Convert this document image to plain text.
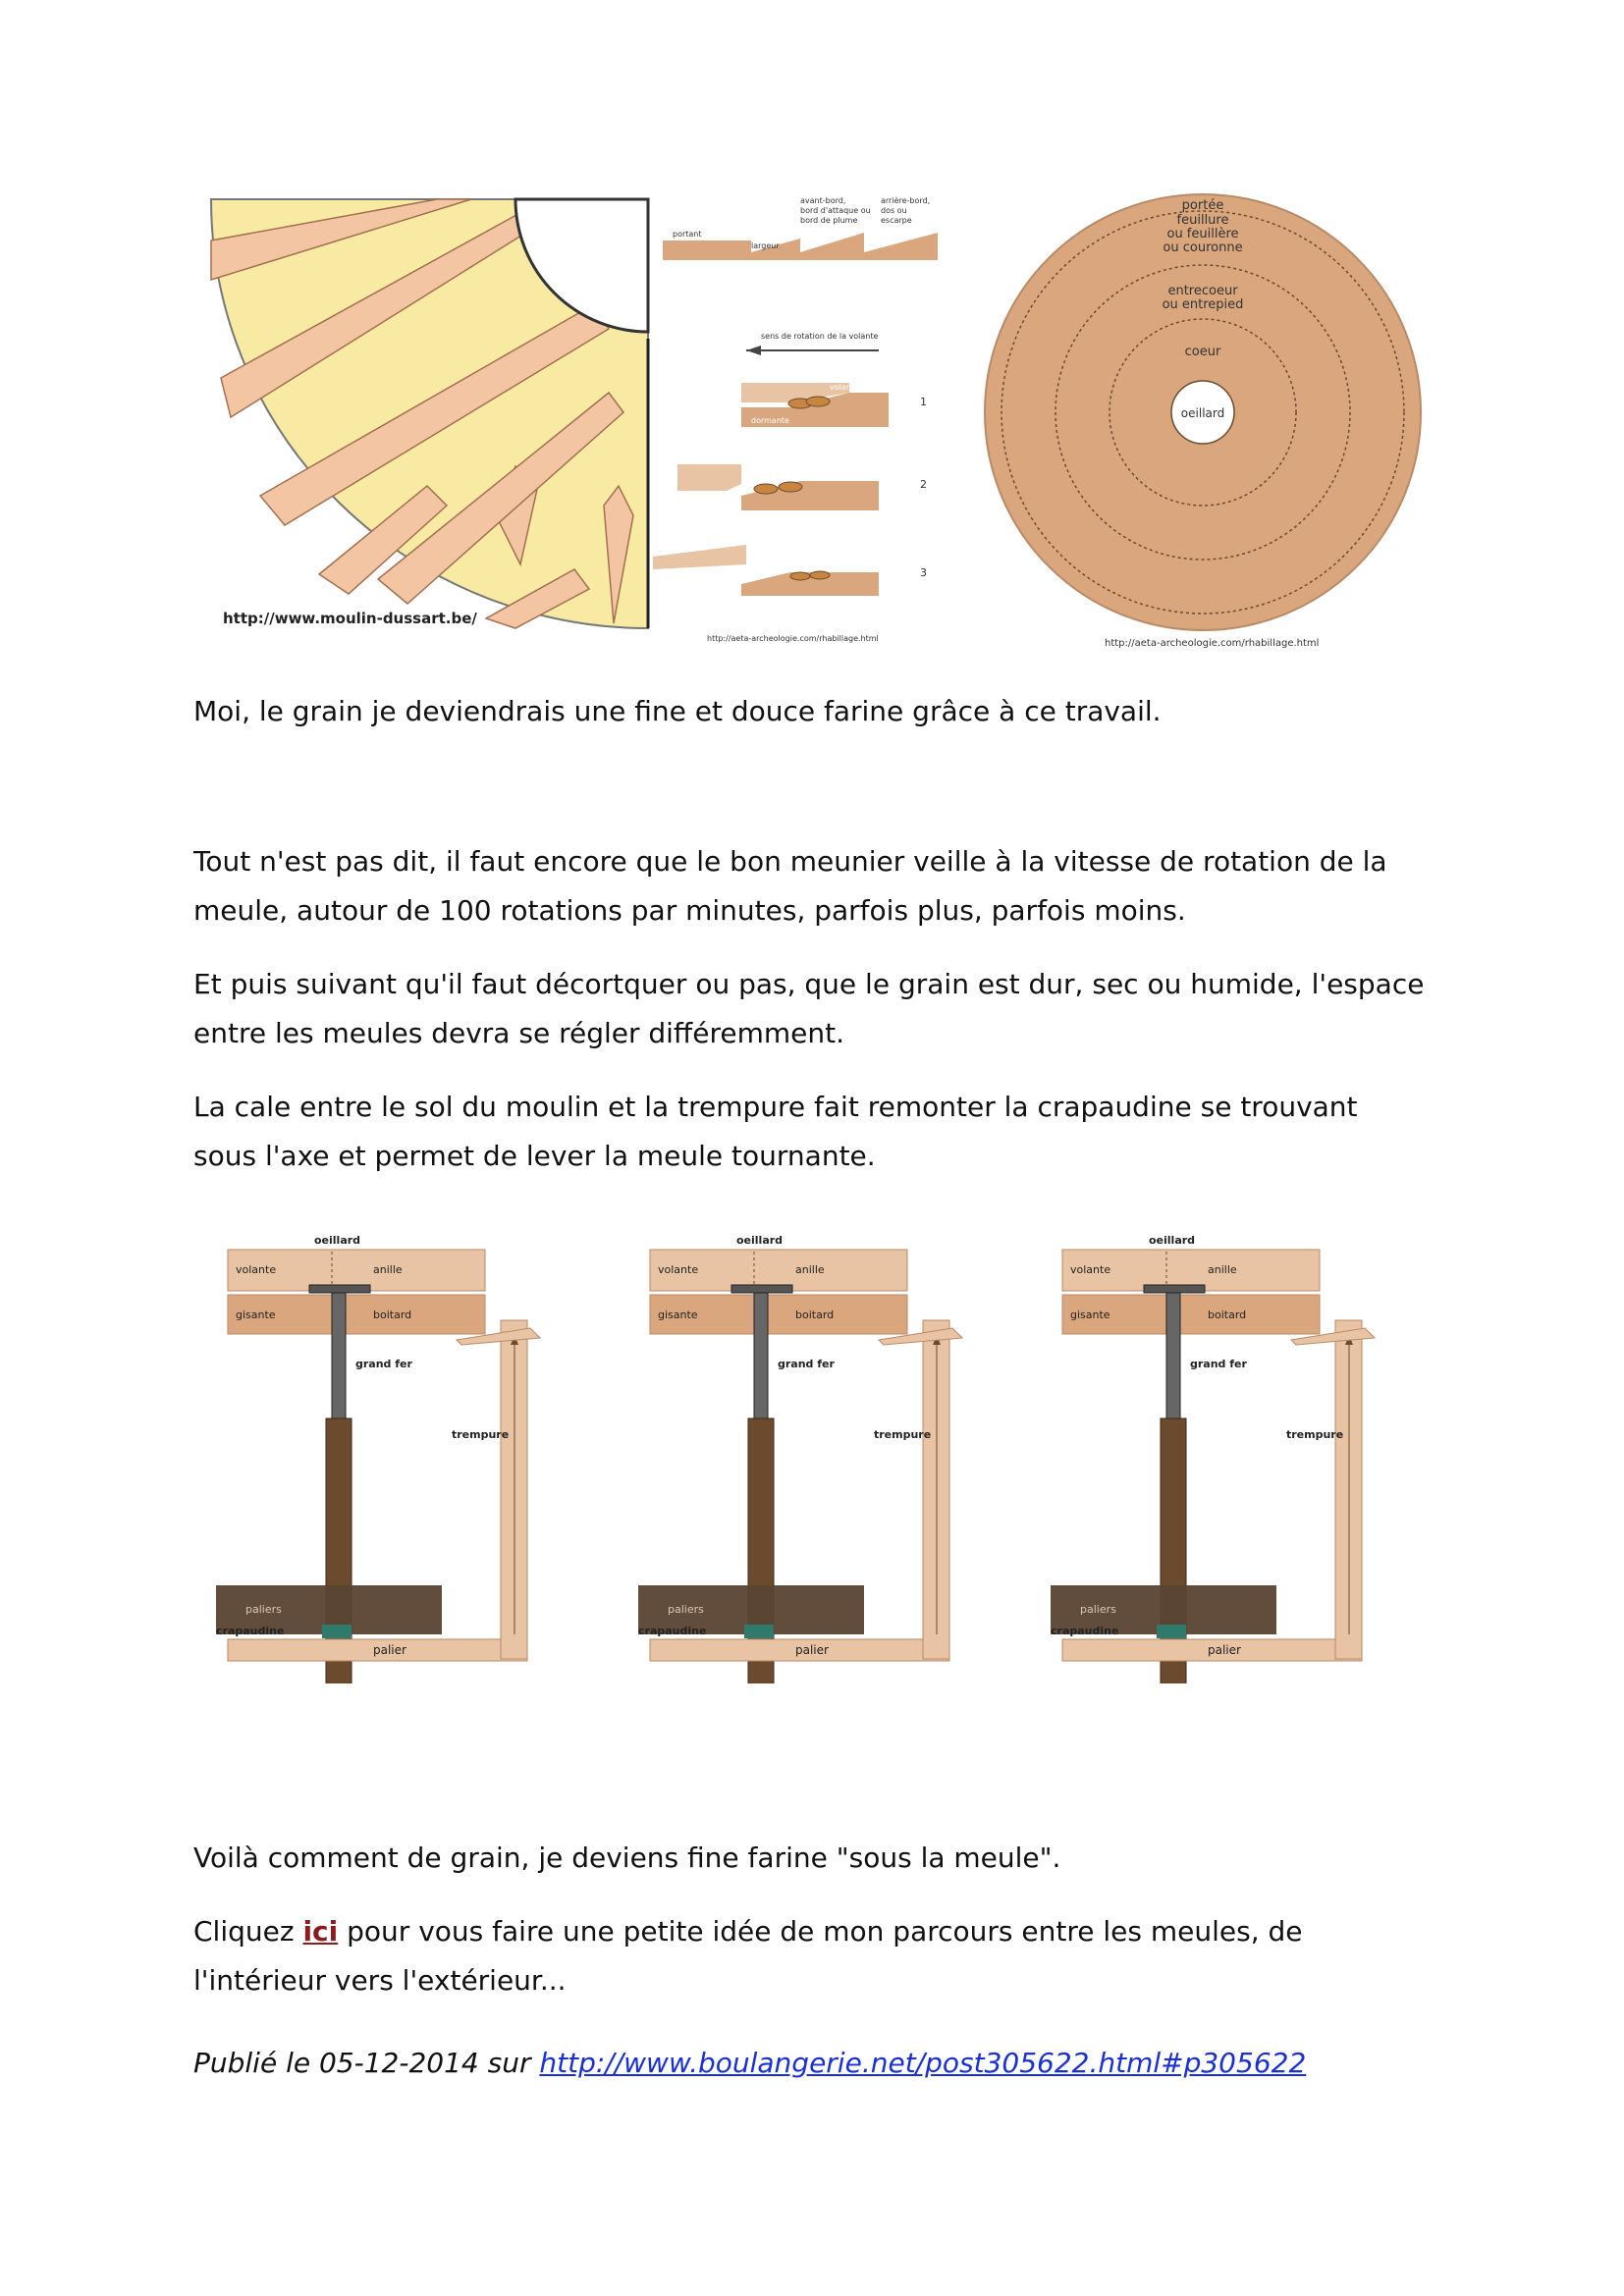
http://www.moulin-dussart.be/
avant-bord,
bord d'attaque ou
bord de plume
arrière-bord,
dos ou
escarpe
portant
largeur
sens de rotation de la volante
volante
dormante
1
2
3
http://aeta-archeologie.com/rhabillage.html
portée
feuillure
ou feuillère
ou couronne
entrecoeur
ou entrepied
coeur
oeillard
http://aeta-archeologie.com/rhabillage.html

Moi, le grain je deviendrais une fine et douce farine grâce à ce travail.

Tout n'est pas dit, il faut encore que le bon meunier veille à la vitesse de rotation de la

meule, autour de 100 rotations par minutes, parfois plus, parfois moins.

Et puis suivant qu'il faut décortquer ou pas, que le grain est dur, sec ou humide, l'espace

entre les meules devra se régler différemment.

La cale entre le sol du moulin et la trempure fait remonter la crapaudine se trouvant

sous l'axe et permet de lever la meule tournante.

oeillard
volante	anille
gisante	boitard
grand fer
trempure
paliers
crapaudine
palier
oeillard
volante	anille
gisante	boitard
grand fer
trempure
paliers
crapaudine
palier
oeillard
volante	anille
gisante	boitard
grand fer
trempure
paliers
crapaudine
palier

Voilà comment de grain, je deviens fine farine "sous la meule".

Cliquez ici pour vous faire une petite idée de mon parcours entre les meules, de

l'intérieur vers l'extérieur...

Publié le 05-12-2014 sur http://www.boulangerie.net/post305622.html#p305622
